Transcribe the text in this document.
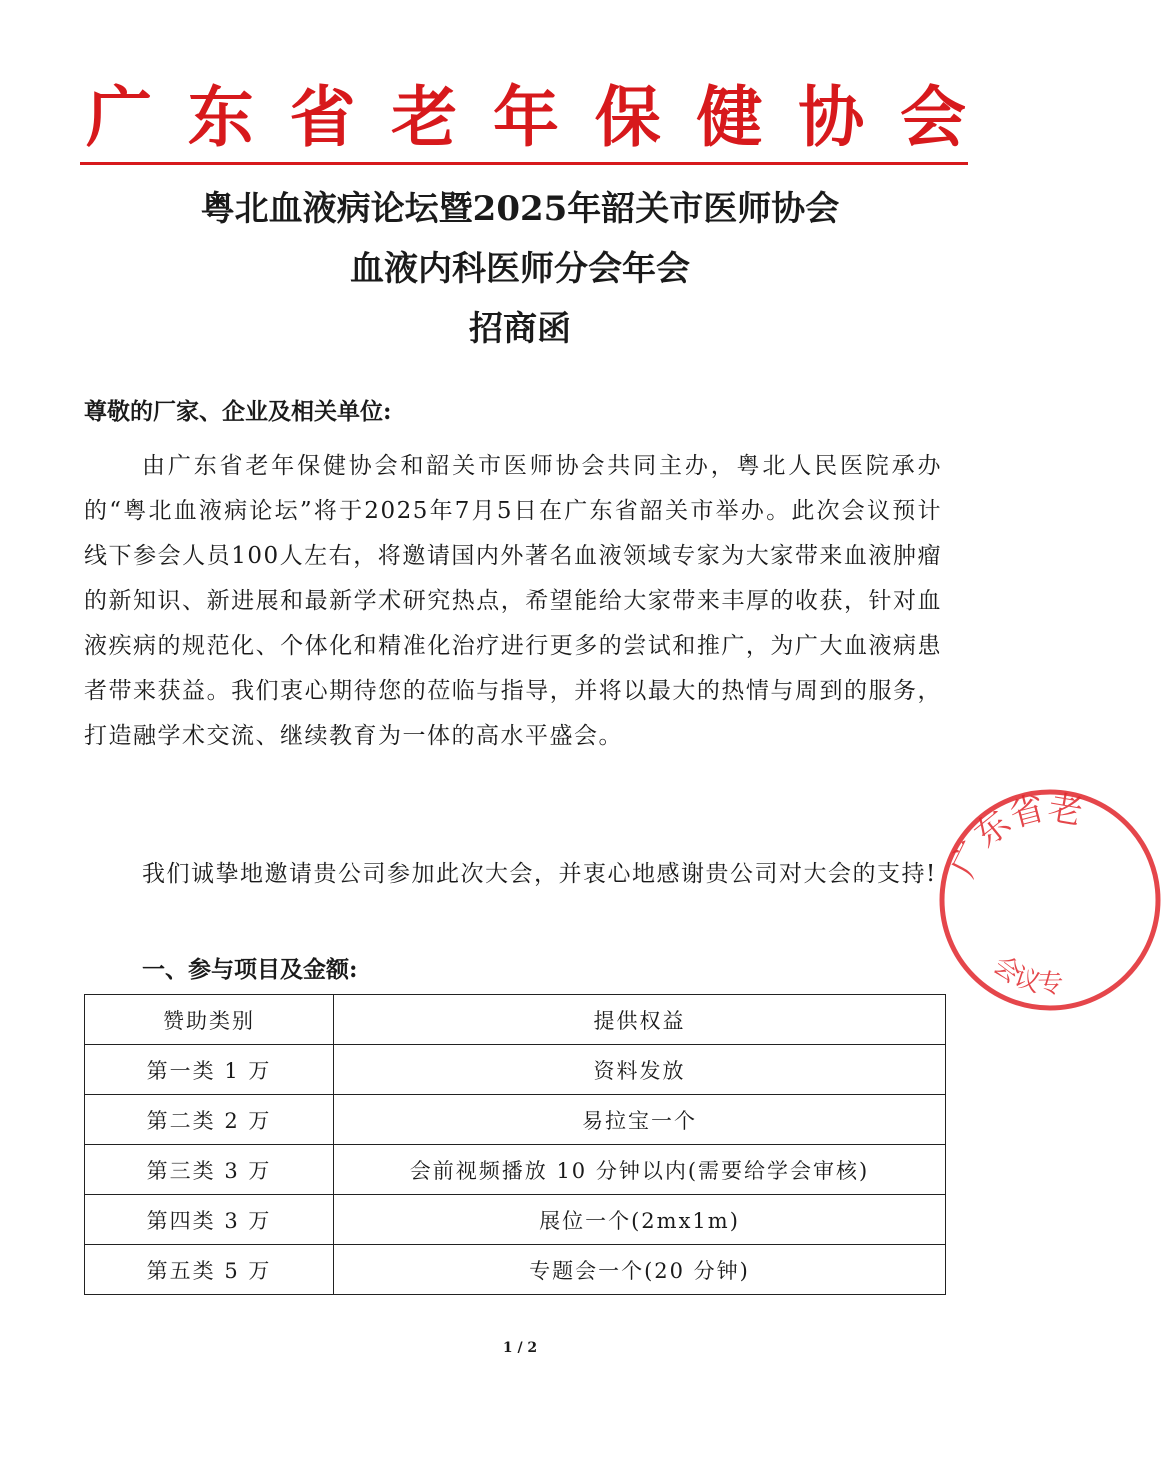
广 东 省 老 年 保 健 协 会
粤北血液病论坛暨2025年韶关市医师协会
血液内科医师分会年会
招商函
尊敬的厂家、企业及相关单位:
由广东省老年保健协会和韶关市医师协会共同主办，粤北人民医院承办的“粤北血液病论坛”将于2025年7月5日在广东省韶关市举办。此次会议预计线下参会人员100人左右，将邀请国内外著名血液领域专家为大家带来血液肿瘤的新知识、新进展和最新学术研究热点，希望能给大家带来丰厚的收获，针对血液疾病的规范化、个体化和精准化治疗进行更多的尝试和推广，为广大血液病患者带来获益。我们衷心期待您的莅临与指导，并将以最大的热情与周到的服务，打造融学术交流、继续教育为一体的高水平盛会。
我们诚挚地邀请贵公司参加此次大会，并衷心地感谢贵公司对大会的支持!
一、参与项目及金额:
赞助类别	提供权益
第一类 1 万	资料发放
第二类 2 万	易拉宝一个
第三类 3 万	会前视频播放 10 分钟以内(需要给学会审核)
第四类 3 万	展位一个(2mx1m)
第五类 5 万	专题会一个(20 分钟)
1 / 2
广东省老
会议专
